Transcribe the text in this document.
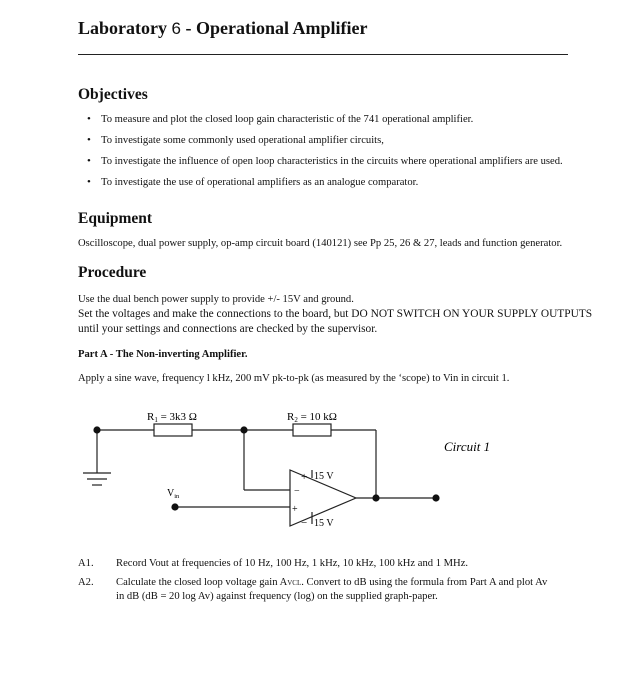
Laboratory 6 - Operational Amplifier
Objectives
• To measure and plot the closed loop gain characteristic of the 741 operational amplifier.
• To investigate some commonly used operational amplifier circuits,
• To investigate the influence of open loop characteristics in the circuits where operational amplifiers are used.
• To investigate the use of operational amplifiers as an analogue comparator.
Equipment
Oscilloscope, dual power supply, op-amp circuit board (140121) see Pp 25, 26 & 27, leads and function generator.
Procedure
Use the dual bench power supply to provide +/- 15V and ground.
Set the voltages and make the connections to the board, but DO NOT SWITCH ON YOUR SUPPLY OUTPUTS
until your settings and connections are checked by the supervisor.
Part A - The Non-inverting Amplifier.
Apply a sine wave, frequency l kHz, 200 mV pk-to-pk (as measured by the ‘scope) to Vin in circuit 1.
R1 = 3k3 Ω	R2 = 10 kΩ
Circuit 1
$V_{in}$
+ 15 V
−
+
− 15 V
A1. Record Vout at frequencies of 10 Hz, 100 Hz, 1 kHz, 10 kHz, 100 kHz and 1 MHz.
A2. Calculate the closed loop voltage gain AVCL. Convert to dB using the formula from Part A and plot Av
in dB (dB = 20 log Av) against frequency (log) on the supplied graph-paper.
